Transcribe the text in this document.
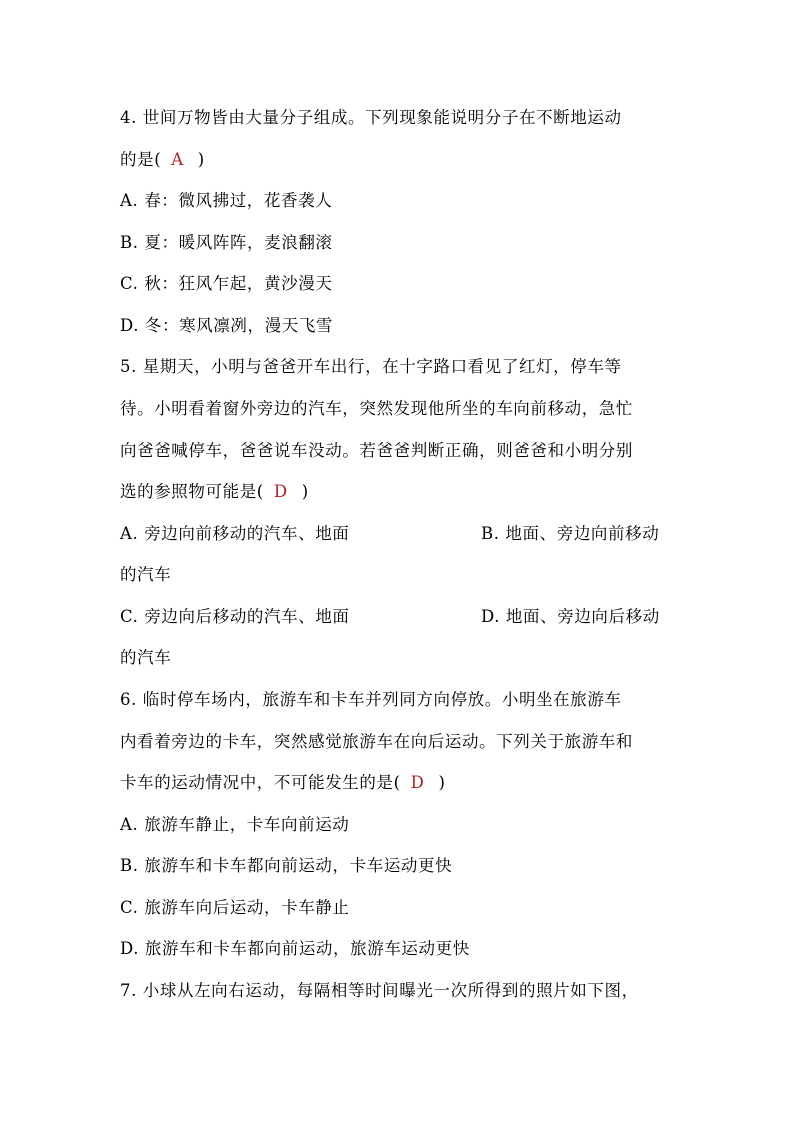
4. 世间万物皆由大量分子组成。下列现象能说明分子在不断地运动
的是( A )
A. 春：微风拂过，花香袭人
B. 夏：暖风阵阵，麦浪翻滚
C. 秋：狂风乍起，黄沙漫天
D. 冬：寒风凛冽，漫天飞雪
5. 星期天，小明与爸爸开车出行，在十字路口看见了红灯，停车等
待。小明看着窗外旁边的汽车，突然发现他所坐的车向前移动，急忙
向爸爸喊停车，爸爸说车没动。若爸爸判断正确，则爸爸和小明分别
选的参照物可能是( D )
A. 旁边向前移动的汽车、地面	B. 地面、旁边向前移动
的汽车
C. 旁边向后移动的汽车、地面	D. 地面、旁边向后移动
的汽车
6. 临时停车场内，旅游车和卡车并列同方向停放。小明坐在旅游车
内看着旁边的卡车，突然感觉旅游车在向后运动。下列关于旅游车和
卡车的运动情况中，不可能发生的是( D )
A. 旅游车静止，卡车向前运动
B. 旅游车和卡车都向前运动，卡车运动更快
C. 旅游车向后运动，卡车静止
D. 旅游车和卡车都向前运动，旅游车运动更快
7. 小球从左向右运动，每隔相等时间曝光一次所得到的照片如下图，
